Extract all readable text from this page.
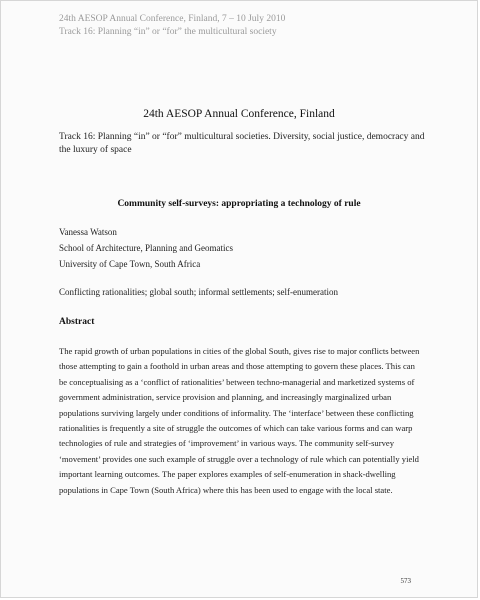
24th AESOP Annual Conference, Finland, 7 – 10 July 2010
Track 16: Planning “in” or “for” the multicultural society
24th AESOP Annual Conference, Finland
Track 16: Planning “in” or “for” multicultural societies. Diversity, social justice, democracy and the luxury of space
Community self-surveys: appropriating a technology of rule
Vanessa Watson
School of Architecture, Planning and Geomatics
University of Cape Town, South Africa
Conflicting rationalities; global south; informal settlements; self-enumeration
Abstract
The rapid growth of urban populations in cities of the global South, gives rise to major conflicts between
those attempting to gain a foothold in urban areas and those attempting to govern these places. This can
be conceptualising as a ‘conflict of rationalities’ between techno-managerial and marketized systems of
government administration, service provision and planning, and increasingly marginalized urban
populations surviving largely under conditions of informality. The ‘interface’ between these conflicting
rationalities is frequently a site of struggle the outcomes of which can take various forms and can warp
technologies of rule and strategies of ‘improvement’ in various ways. The community self-survey
‘movement’ provides one such example of struggle over a technology of rule which can potentially yield
important learning outcomes. The paper explores examples of self-enumeration in shack-dwelling
populations in Cape Town (South Africa) where this has been used to engage with the local state.
573
